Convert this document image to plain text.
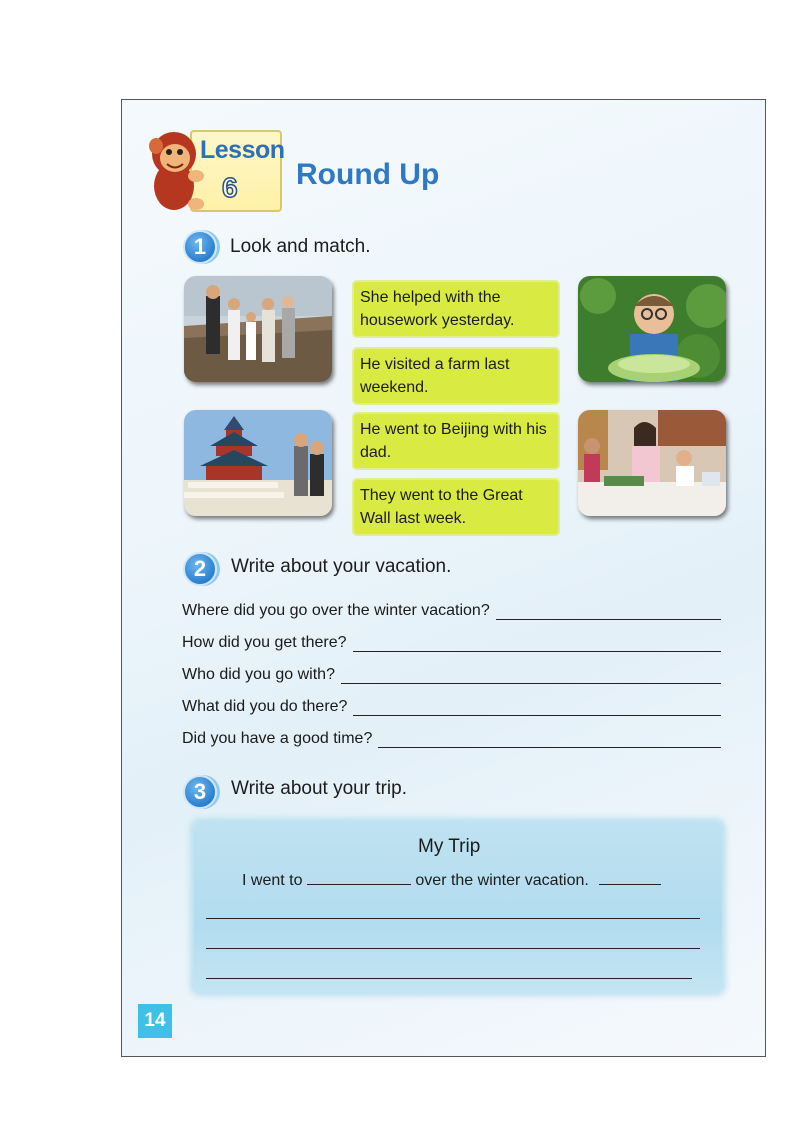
Lesson
6 Round Up
1	Look and match.
She helped with the housework yesterday.
He visited a farm last weekend.
He went to Beijing with his dad.
They went to the Great Wall last week.
2	Write about your vacation.
Where did you go over the winter vacation?
How did you get there?
Who did you go with?
What did you do there?
Did you have a good time?
3	Write about your trip.
My Trip
I went to	over the winter vacation.
14
